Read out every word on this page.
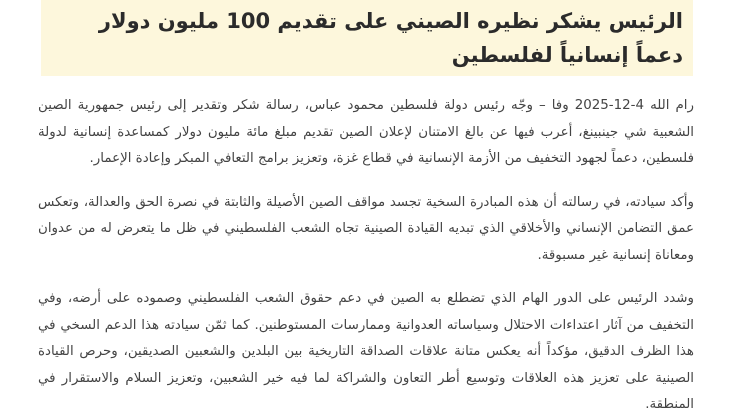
الرئيس يشكر نظيره الصيني على تقديم 100 مليون دولار دعماً إنسانياً لفلسطين

رام الله 4-12-2025 وفا – وجّه رئيس دولة فلسطين محمود عباس، رسالة شكر وتقدير إلى رئيس جمهورية الصين الشعبية شي جينبينغ، أعرب فيها عن بالغ الامتنان لإعلان الصين تقديم مبلغ مائة مليون دولار كمساعدة إنسانية لدولة فلسطين، دعماً لجهود التخفيف من الأزمة الإنسانية في قطاع غزة، وتعزيز برامج التعافي المبكر وإعادة الإعمار.

وأكد سيادته، في رسالته أن هذه المبادرة السخية تجسد مواقف الصين الأصيلة والثابتة في نصرة الحق والعدالة، وتعكس عمق التضامن الإنساني والأخلاقي الذي تبديه القيادة الصينية تجاه الشعب الفلسطيني في ظل ما يتعرض له من عدوان ومعاناة إنسانية غير مسبوقة.

وشدد الرئيس على الدور الهام الذي تضطلع به الصين في دعم حقوق الشعب الفلسطيني وصموده على أرضه، وفي التخفيف من آثار اعتداءات الاحتلال وسياساته العدوانية وممارسات المستوطنين. كما ثمّن سيادته هذا الدعم السخي في هذا الظرف الدقيق، مؤكداً أنه يعكس متانة علاقات الصداقة التاريخية بين البلدين والشعبين الصديقين، وحرص القيادة الصينية على تعزيز هذه العلاقات وتوسيع أطر التعاون والشراكة لما فيه خير الشعبين، وتعزيز السلام والاستقرار في المنطقة.
